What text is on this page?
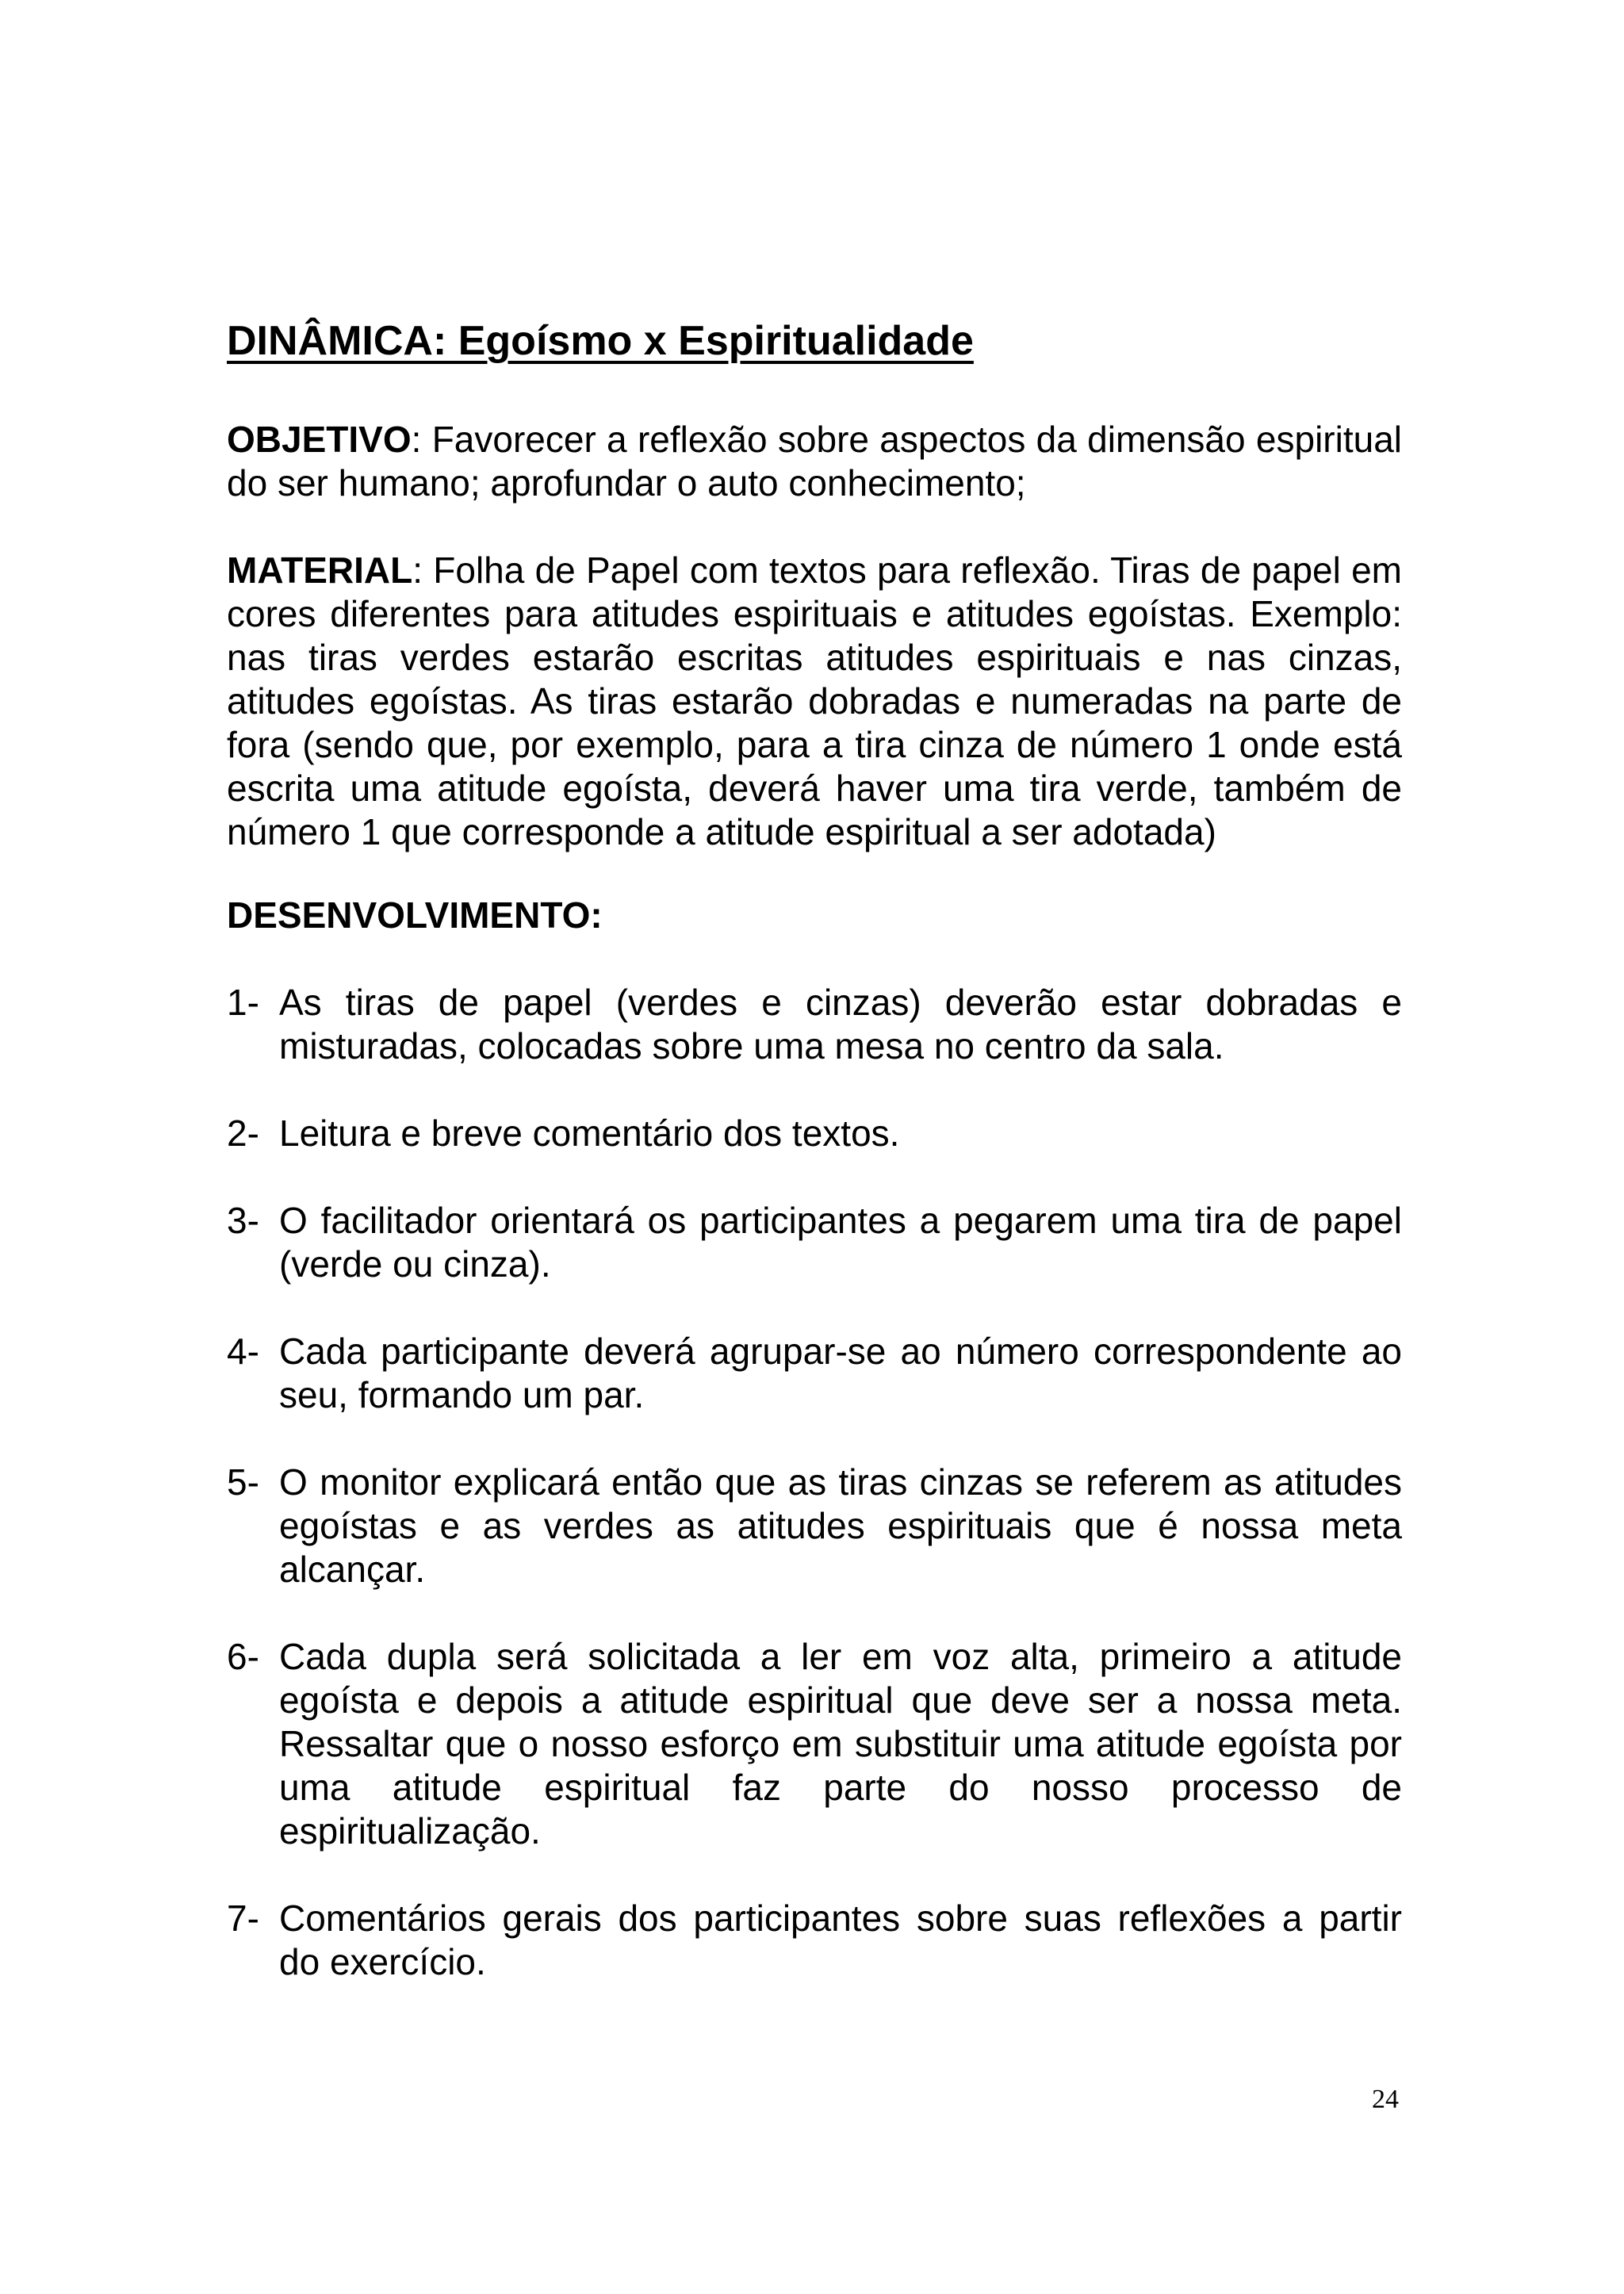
DINÂMICA: Egoísmo x Espiritualidade

OBJETIVO: Favorecer a reflexão sobre aspectos da dimensão espiritual do ser humano; aprofundar o auto conhecimento;

MATERIAL: Folha de Papel com textos para reflexão. Tiras de papel em cores diferentes para atitudes espirituais e atitudes egoístas. Exemplo: nas tiras verdes estarão escritas atitudes espirituais e nas cinzas, atitudes egoístas. As tiras estarão dobradas e numeradas na parte de fora (sendo que, por exemplo, para a tira cinza de número 1 onde está escrita uma atitude egoísta, deverá haver uma tira verde, também de número 1 que corresponde a atitude espiritual a ser adotada)

DESENVOLVIMENTO:
1- As tiras de papel (verdes e cinzas) deverão estar dobradas e misturadas, colocadas sobre uma mesa no centro da sala.
2- Leitura e breve comentário dos textos.
3- O facilitador orientará os participantes a pegarem uma tira de papel (verde ou cinza).
4- Cada participante deverá agrupar-se ao número correspondente ao seu, formando um par.
5- O monitor explicará então que as tiras cinzas se referem as atitudes egoístas e as verdes as atitudes espirituais que é nossa meta alcançar.
6- Cada dupla será solicitada a ler em voz alta, primeiro a atitude egoísta e depois a atitude espiritual que deve ser a nossa meta. Ressaltar que o nosso esforço em substituir uma atitude egoísta por uma atitude espiritual faz parte do nosso processo de espiritualização.
7- Comentários gerais dos participantes sobre suas reflexões a partir do exercício.
24
